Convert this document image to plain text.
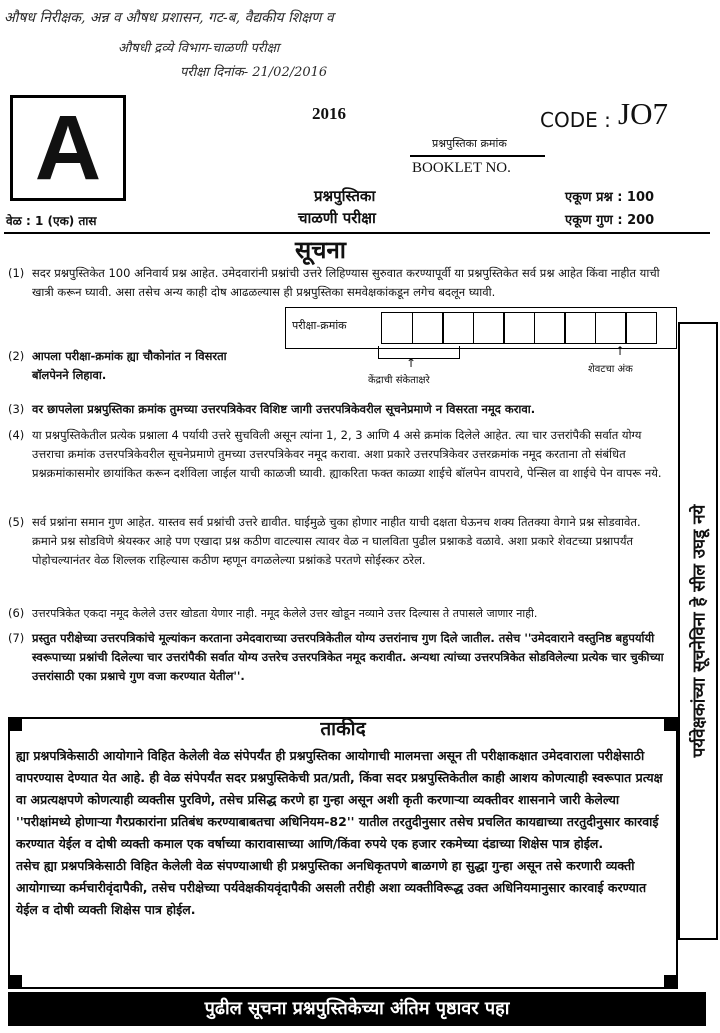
औषध निरीक्षक, अन्न व औषध प्रशासन, गट-ब, वैद्यकीय शिक्षण व
औषधी द्रव्ये विभाग-चाळणी परीक्षा
परीक्षा दिनांक- 21/02/2016
A	2016	CODE : JO7
प्रश्नपुस्तिका क्रमांक
BOOKLET NO.
प्रश्नपुस्तिका
चाळणी परीक्षा
वेळ : 1 (एक) तास
एकूण प्रश्न : 100
एकूण गुण : 200
सूचना
(1) सदर प्रश्नपुस्तिकेत 100 अनिवार्य प्रश्न आहेत. उमेदवारांनी प्रश्नांची उत्तरे लिहिण्यास सुरुवात करण्यापूर्वी या प्रश्नपुस्तिकेत सर्व प्रश्न आहेत किंवा नाहीत याची खात्री करून घ्यावी. असा तसेच अन्य काही दोष आढळल्यास ही प्रश्नपुस्तिका समवेक्षकांकडून लगेच बदलून घ्यावी.
(2) आपला परीक्षा-क्रमांक ह्या चौकोनांत न विसरता बॉलपेनने लिहावा.
परीक्षा-क्रमांक
↑
↑
केंद्राची संकेताक्षरे
शेवटचा अंक
(3) वर छापलेला प्रश्नपुस्तिका क्रमांक तुमच्या उत्तरपत्रिकेवर विशिष्ट जागी उत्तरपत्रिकेवरील सूचनेप्रमाणे न विसरता नमूद करावा.
(4) या प्रश्नपुस्तिकेतील प्रत्येक प्रश्नाला 4 पर्यायी उत्तरे सुचविली असून त्यांना 1, 2, 3 आणि 4 असे क्रमांक दिलेले आहेत. त्या चार उत्तरांपैकी सर्वात योग्य उत्तराचा क्रमांक उत्तरपत्रिकेवरील सूचनेप्रमाणे तुमच्या उत्तरपत्रिकेवर नमूद करावा. अशा प्रकारे उत्तरपत्रिकेवर उत्तरक्रमांक नमूद करताना तो संबंधित प्रश्नक्रमांकासमोर छायांकित करून दर्शविला जाईल याची काळजी घ्यावी. ह्याकरिता फक्त काळ्या शाईचे बॉलपेन वापरावे, पेन्सिल वा शाईचे पेन वापरू नये.
(5) सर्व प्रश्नांना समान गुण आहेत. यास्तव सर्व प्रश्नांची उत्तरे द्यावीत. घाईमुळे चुका होणार नाहीत याची दक्षता घेऊनच शक्य तितक्या वेगाने प्रश्न सोडवावेत. क्रमाने प्रश्न सोडविणे श्रेयस्कर आहे पण एखादा प्रश्न कठीण वाटल्यास त्यावर वेळ न घालविता पुढील प्रश्नाकडे वळावे. अशा प्रकारे शेवटच्या प्रश्नापर्यंत पोहोचल्यानंतर वेळ शिल्लक राहिल्यास कठीण म्हणून वगळलेल्या प्रश्नांकडे परतणे सोईस्कर ठरेल.
(6) उत्तरपत्रिकेत एकदा नमूद केलेले उत्तर खोडता येणार नाही. नमूद केलेले उत्तर खोडून नव्याने उत्तर दिल्यास ते तपासले जाणार नाही.
(7) प्रस्तुत परीक्षेच्या उत्तरपत्रिकांचे मूल्यांकन करताना उमेदवाराच्या उत्तरपत्रिकेतील योग्य उत्तरांनाच गुण दिले जातील. तसेच ''उमेदवाराने वस्तुनिष्ठ बहुपर्यायी स्वरूपाच्या प्रश्नांची दिलेल्या चार उत्तरांपैकी सर्वात योग्य उत्तरेच उत्तरपत्रिकेत नमूद करावीत. अन्यथा त्यांच्या उत्तरपत्रिकेत सोडविलेल्या प्रत्येक चार चुकीच्या उत्तरांसाठी एका प्रश्नाचे गुण वजा करण्यात येतील''.
ताकीद
ह्या प्रश्नपत्रिकेसाठी आयोगाने विहित केलेली वेळ संपेपर्यंत ही प्रश्नपुस्तिका आयोगाची मालमत्ता असून ती परीक्षाकक्षात उमेदवाराला परीक्षेसाठी वापरण्यास देण्यात येत आहे. ही वेळ संपेपर्यंत सदर प्रश्नपुस्तिकेची प्रत/प्रती, किंवा सदर प्रश्नपुस्तिकेतील काही आशय कोणत्याही स्वरूपात प्रत्यक्ष वा अप्रत्यक्षपणे कोणत्याही व्यक्तीस पुरविणे, तसेच प्रसिद्ध करणे हा गुन्हा असून अशी कृती करणाऱ्या व्यक्तीवर शासनाने जारी केलेल्या ''परीक्षांमध्ये होणाऱ्या गैरप्रकारांना प्रतिबंध करण्याबाबतचा अधिनियम-82'' यातील तरतुदीनुसार तसेच प्रचलित कायद्याच्या तरतुदीनुसार कारवाई करण्यात येईल व दोषी व्यक्ती कमाल एक वर्षाच्या कारावासाच्या आणि/किंवा रुपये एक हजार रकमेच्या दंडाच्या शिक्षेस पात्र होईल.
तसेच ह्या प्रश्नपत्रिकेसाठी विहित केलेली वेळ संपण्याआधी ही प्रश्नपुस्तिका अनधिकृतपणे बाळगणे हा सुद्धा गुन्हा असून तसे करणारी व्यक्ती आयोगाच्या कर्मचारीवृंदापैकी, तसेच परीक्षेच्या पर्यवेक्षकीयवृंदापैकी असली तरीही अशा व्यक्तीविरूद्ध उक्त अधिनियमानुसार कारवाई करण्यात येईल व दोषी व्यक्ती शिक्षेस पात्र होईल.
पर्यवेक्षकांच्या सूचनेविना हे सील उघडू नये
पुढील सूचना प्रश्नपुस्तिकेच्या अंतिम पृष्ठावर पहा
